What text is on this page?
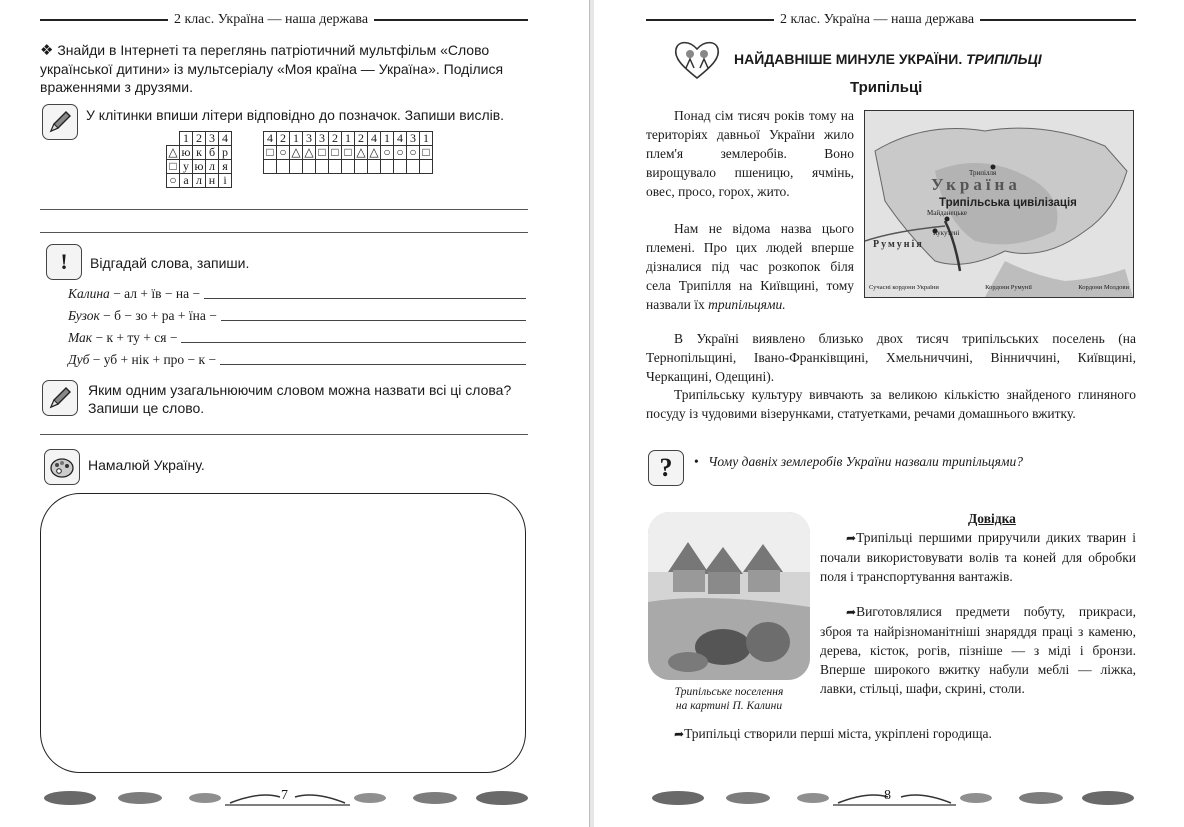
2 клас. Україна — наша держава
❖ Знайди в Інтернеті та переглянь патріотичний мультфільм «Слово української дитини» із мультсеріалу «Моя країна — Україна». Поділися враженнями з друзями.
У клітинки впиши літери відповідно до позначок. Запиши вислів.
	1	2	3	4
△	ю	к	б	р
□	у	ю	л	я
○	а	л	н	і
4	2	1	3	3	2	1	2	4	1	4	3	1
□	○	△	△	□	□	□	△	△	○	○	○	□

!	Відгадай слова, запиши.
Калина − ал + їв − на −
Бузок − б − зо + ра + їна −
Мак − к + ту + ся −
Дуб − уб + нік + про − к −
Яким одним узагальнюючим словом можна назвати всі ці слова? Запиши це слово.
Намалюй Україну.
7
2 клас. Україна — наша держава
НАЙДАВНІШЕ МИНУЛЕ УКРАЇНИ. ТРИПІЛЬЦІ
Трипільці
Понад сім тисяч років тому на територіях давньої України жило плем'я землеробів. Воно вирощувало пшеницю, ячмінь, овес, просо, горох, жито.
Нам не відома назва цього племені. Про цих людей вперше дізналися під час розкопок біля села Трипілля на Київщині, тому назвали їх трипільцями.
Україна
Трипільська цивілізація
Румунія
Трипілля
Майданецьке
Кукутені
Сучасні кордони України	Кордони Румунії	Кордони Молдови
В Україні виявлено близько двох тисяч трипільських поселень (на Тернопільщині, Івано-Франківщині, Хмельниччині, Вінниччині, Київщині, Черкащині, Одещині).
Трипільську культуру вивчають за великою кількістю знайденого глиняного посуду із чудовими візерунками, статуетками, речами домашнього вжитку.
?	• Чому давніх землеробів України назвали трипільцями?
Трипільське поселення
на картині П. Калини
Довідка
➦Трипільці першими приручили диких тварин і почали використовувати волів та коней для обробки поля і транспортування вантажів.
➦Виготовлялися предмети побуту, прикраси, зброя та найрізноманітніші знаряддя праці з каменю, дерева, кісток, рогів, пізніше — з міді і бронзи. Вперше широкого вжитку набули меблі — ліжка, лавки, стільці, шафи, скрині, столи.
➦Трипільці створили перші міста, укріплені городища.
8
